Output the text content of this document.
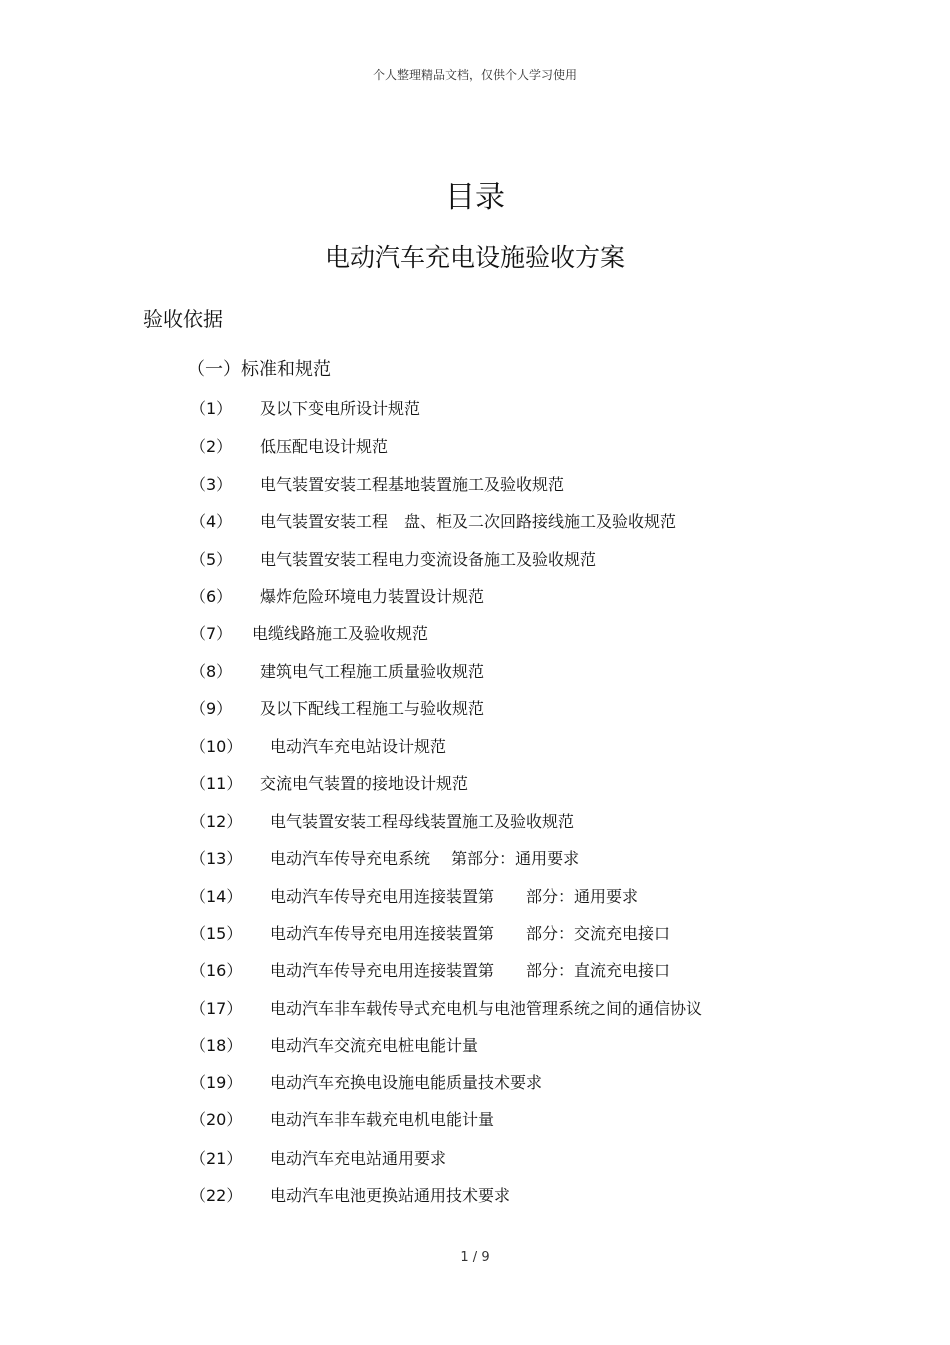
个人整理精品文档，仅供个人学习使用
目录
电动汽车充电设施验收方案
验收依据
（一）标准和规范
（1） 及以下变电所设计规范
（2） 低压配电设计规范
（3） 电气装置安装工程基地装置施工及验收规范
（4） 电气装置安装工程　盘、柜及二次回路接线施工及验收规范
（5） 电气装置安装工程电力变流设备施工及验收规范
（6） 爆炸危险环境电力装置设计规范
（7） 电缆线路施工及验收规范
（8） 建筑电气工程施工质量验收规范
（9） 及以下配线工程施工与验收规范
（10） 电动汽车充电站设计规范
（11） 交流电气装置的接地设计规范
（12） 电气装置安装工程母线装置施工及验收规范
（13） 电动汽车传导充电系统　 第部分：通用要求
（14） 电动汽车传导充电用连接装置第　　部分：通用要求
（15） 电动汽车传导充电用连接装置第　　部分：交流充电接口
（16） 电动汽车传导充电用连接装置第　　部分：直流充电接口
（17） 电动汽车非车载传导式充电机与电池管理系统之间的通信协议
（18） 电动汽车交流充电桩电能计量
（19） 电动汽车充换电设施电能质量技术要求
（20） 电动汽车非车载充电机电能计量
（21） 电动汽车充电站通用要求
（22） 电动汽车电池更换站通用技术要求
1 / 9
